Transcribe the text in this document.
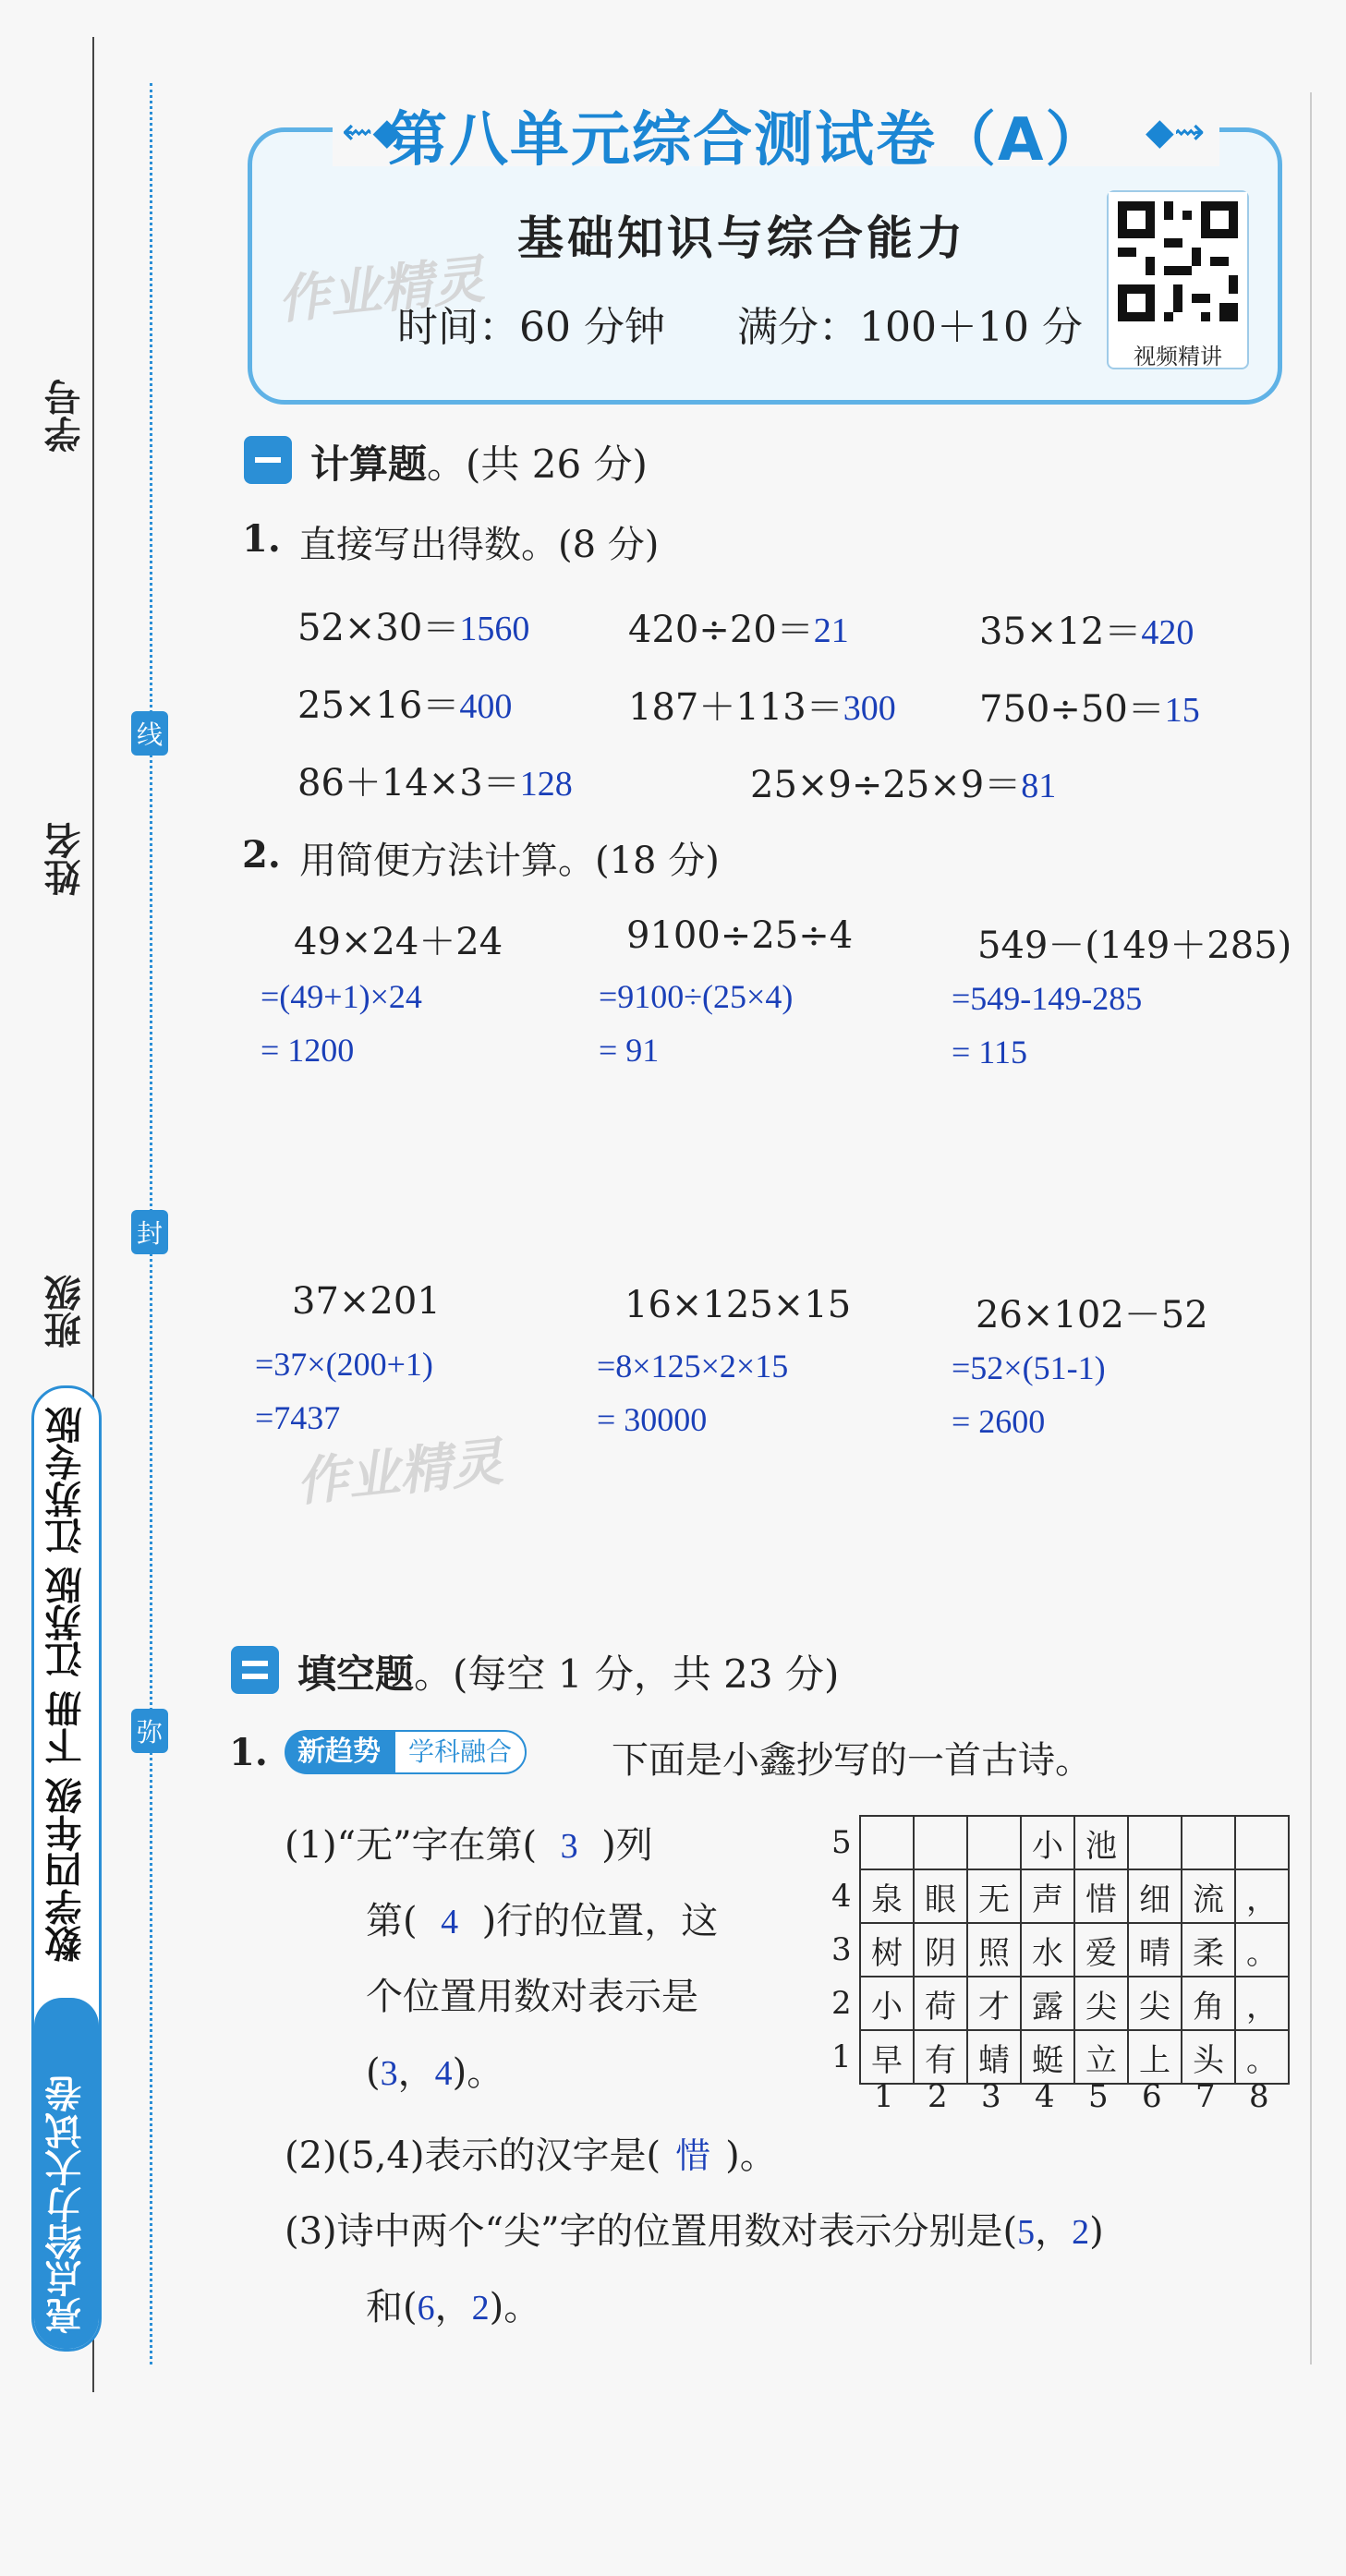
学号
姓名
班级
线
封
弥
数学四年级 下册 江苏版 江苏专版
亮点给力大试卷
⇜◆	◆⇝
第八单元综合测试卷（A）
基础知识与综合能力
时间：60 分钟 满分：100＋10 分
视频精讲
作业精灵
计算题。(共 26 分)
1. 直接写出得数。(8 分)
52×30＝1560	420÷20＝21	35×12＝420
25×16＝400	187＋113＝300 750÷50＝15
86＋14×3＝128	25×9÷25×9＝81
2. 用简便方法计算。(18 分)
49×24＋24
=(49+1)×24
= 1200
9100÷25÷4
=9100÷(25×4)
= 91
549－(149＋285)
=549-149-285
= 115
37×201
=37×(200+1)
=7437
16×125×15
=8×125×2×15
= 30000
26×102－52
=52×(51-1)
= 2600
作业精灵
填空题。(每空 1 分，共 23 分)
1.	新趋势	学科融合	下面是小鑫抄写的一首古诗。
(1)“无”字在第( 3 )列
第( 4 )行的位置，这
个位置用数对表示是
(3，4)。
5
4
3
2
1
			小	池			
泉	眼	无	声	惜	细	流	，
树	阴	照	水	爱	晴	柔	。
小	荷	才	露	尖	尖	角	，
早	有	蜻	蜓	立	上	头	。
1 2 3 4 5 6 7 8
(2)(5,4)表示的汉字是( 惜 )。
(3)诗中两个“尖”字的位置用数对表示分别是(5，2)
和(6，2)。
